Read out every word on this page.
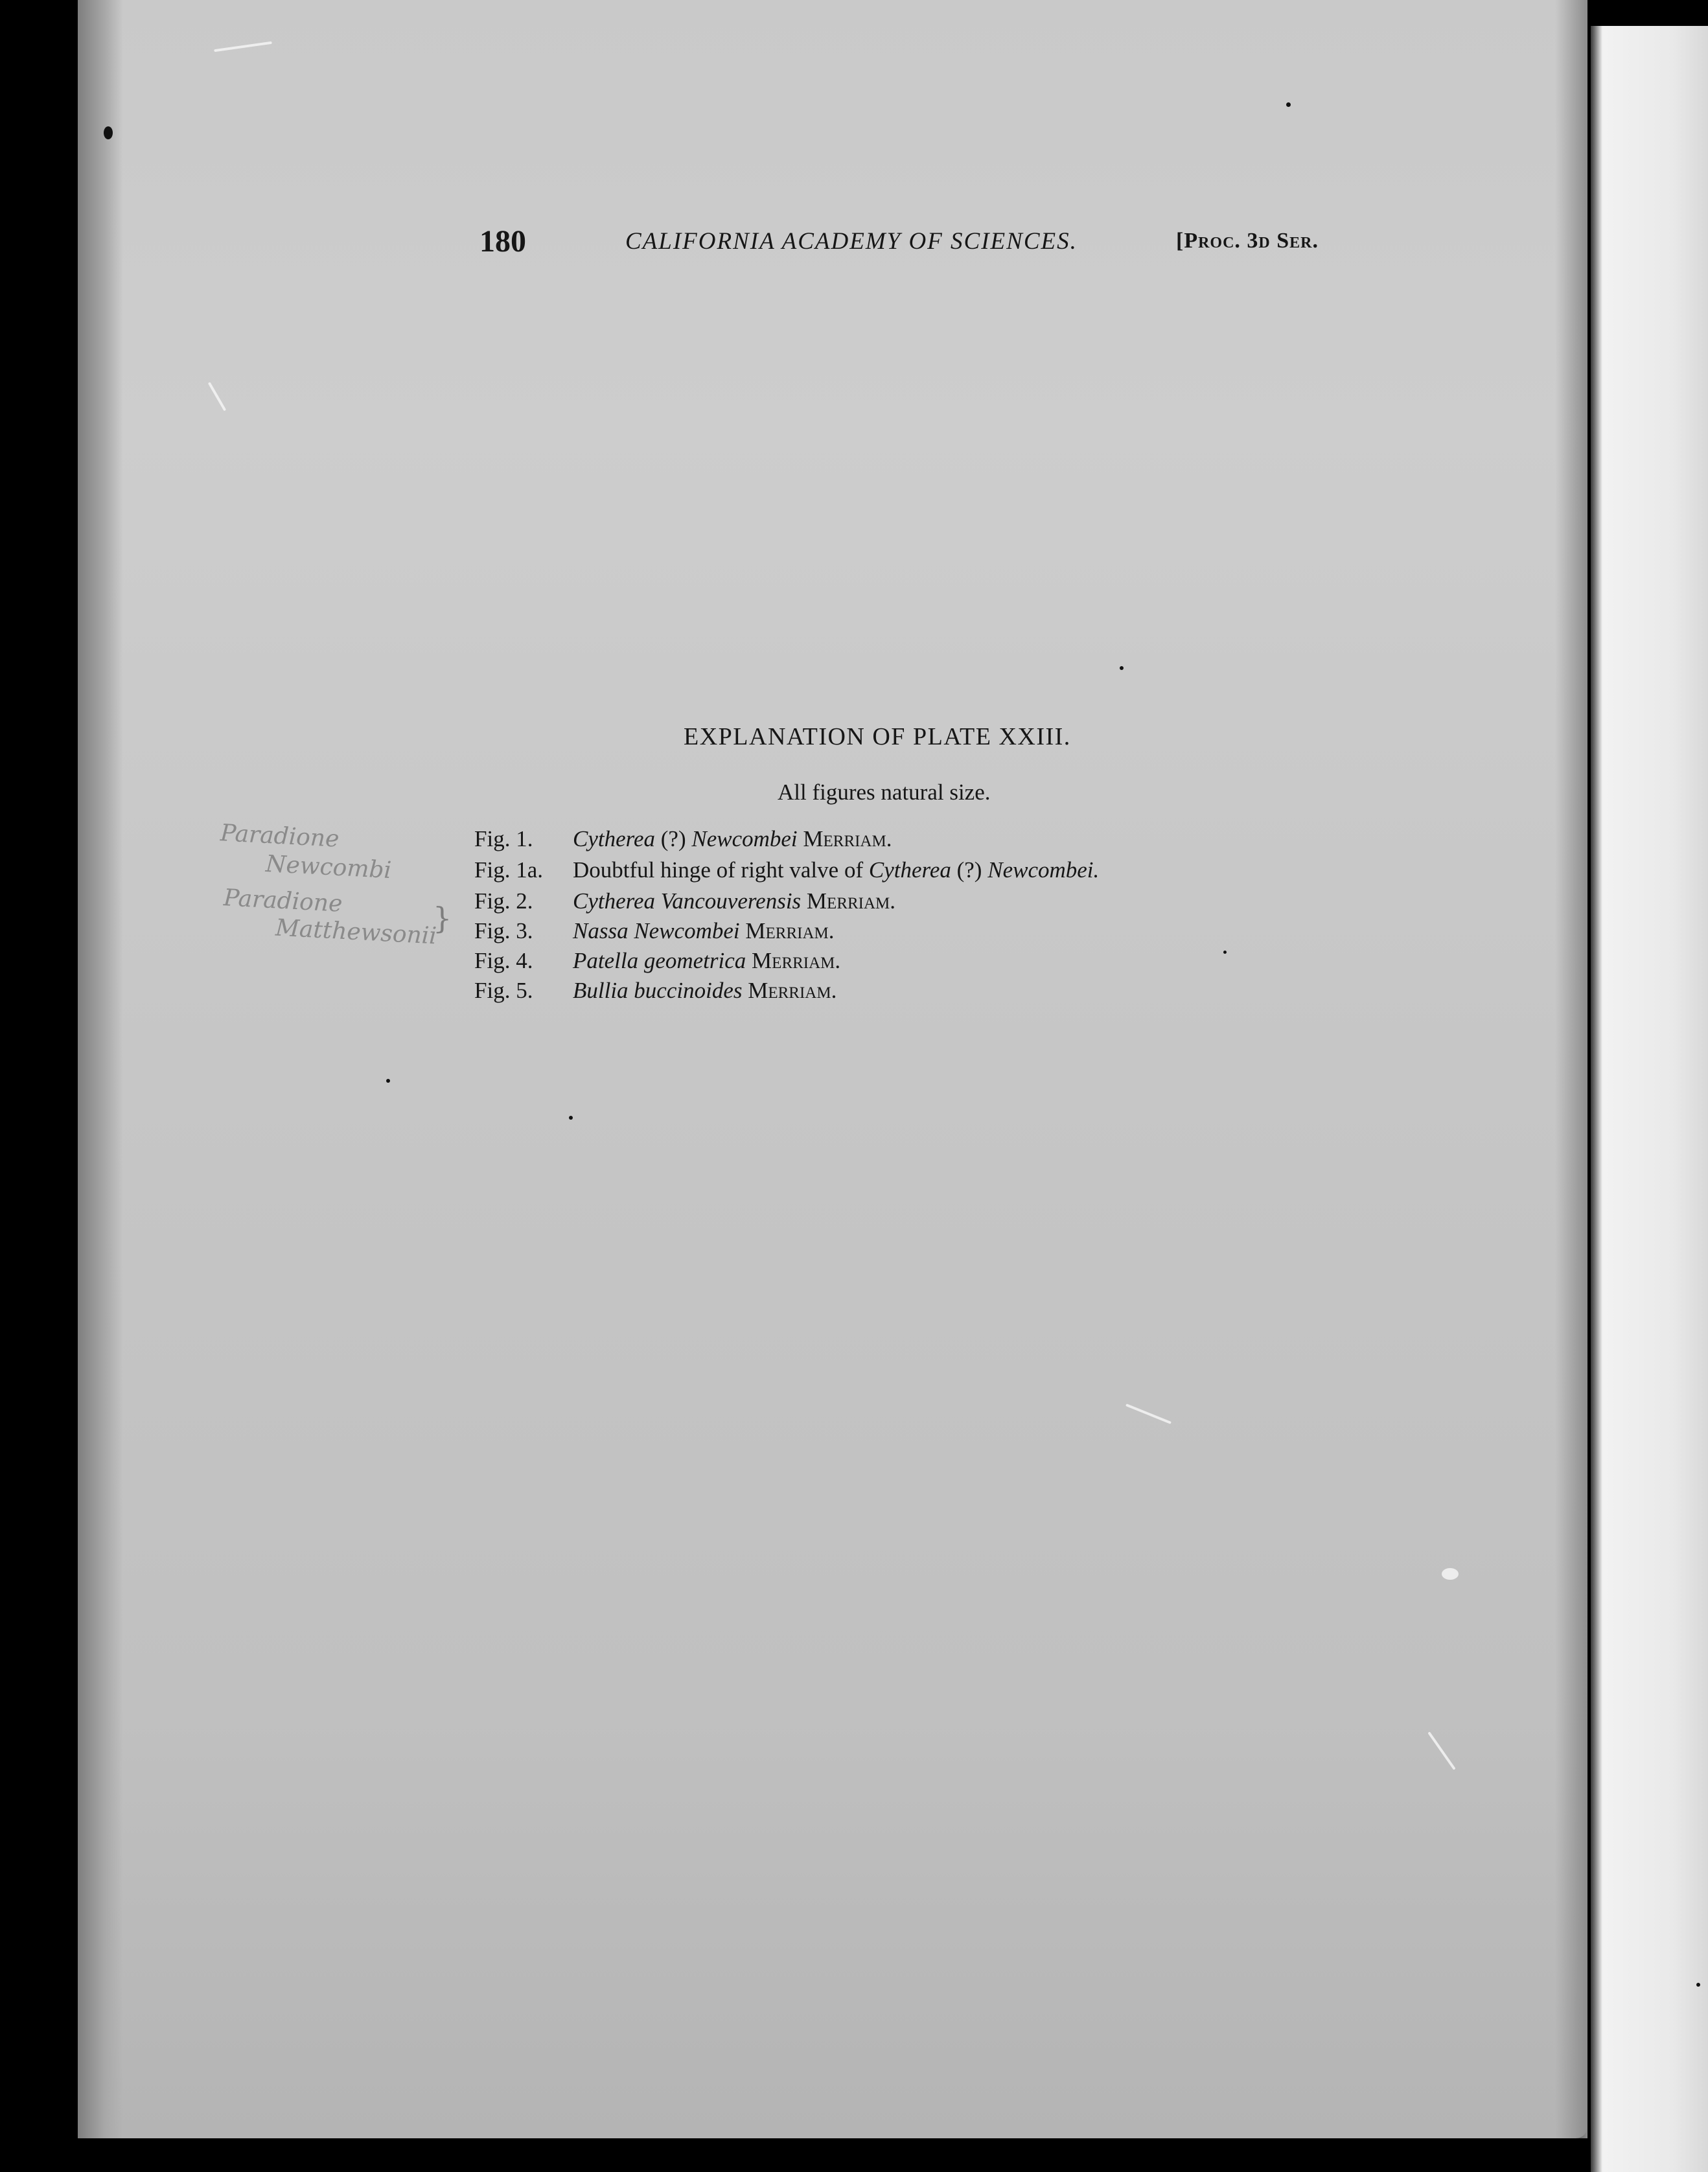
180	CALIFORNIA ACADEMY OF SCIENCES.	[Proc. 3d Ser.
EXPLANATION OF PLATE XXIII.
All figures natural size.
Fig. 1. Cytherea (?) Newcombei Merriam.
Fig. 1a. Doubtful hinge of right valve of Cytherea (?) Newcombei.
Fig. 2. Cytherea Vancouverensis Merriam.
Fig. 3. Nassa Newcombei Merriam.
Fig. 4. Patella geometrica Merriam.
Fig. 5. Bullia buccinoides Merriam.
Paradione
Newcombi
Paradione
Matthewsonii
}
